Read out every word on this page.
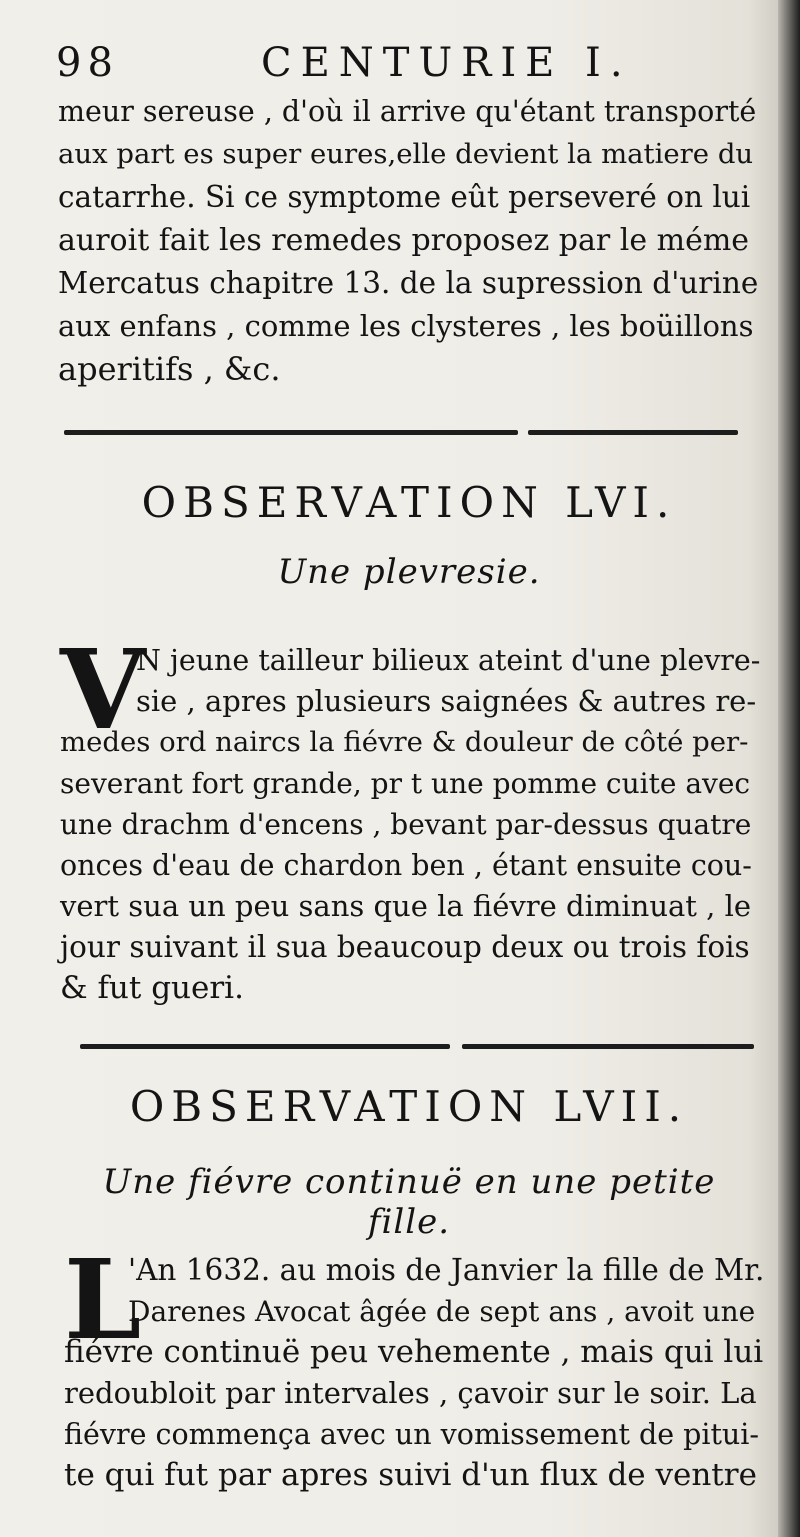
98	CENTURIE I.
meur sereuse , d'où il arrive qu'étant transporté
aux part es super eures,elle devient la matiere du
catarrhe. Si ce symptome eût perseveré on lui
auroit fait les remedes proposez par le méme
Mercatus chapitre 13. de la supression d'urine
aux enfans , comme les clysteres , les boüillons
aperitifs , &c.
OBSERVATION LVI.
Une plevresie.
V
N jeune tailleur bilieux ateint d'une plevre-
sie , apres plusieurs saignées & autres re-
medes ord naircs la fiévre & douleur de côté per-
severant fort grande, pr t une pomme cuite avec
une drachm d'encens , bevant par-dessus quatre
onces d'eau de chardon ben , étant ensuite cou-
vert sua un peu sans que la fiévre diminuat , le
jour suivant il sua beaucoup deux ou trois fois
& fut gueri.
OBSERVATION LVII.
Une fiévre continuë en une petite fille.
L
'An 1632. au mois de Janvier la fille de Mr.
Darenes Avocat âgée de sept ans , avoit une
fiévre continuë peu vehemente , mais qui lui
redoubloit par intervales , çavoir sur le soir. La
fiévre commença avec un vomissement de pitui-
te qui fut par apres suivi d'un flux de ventre
